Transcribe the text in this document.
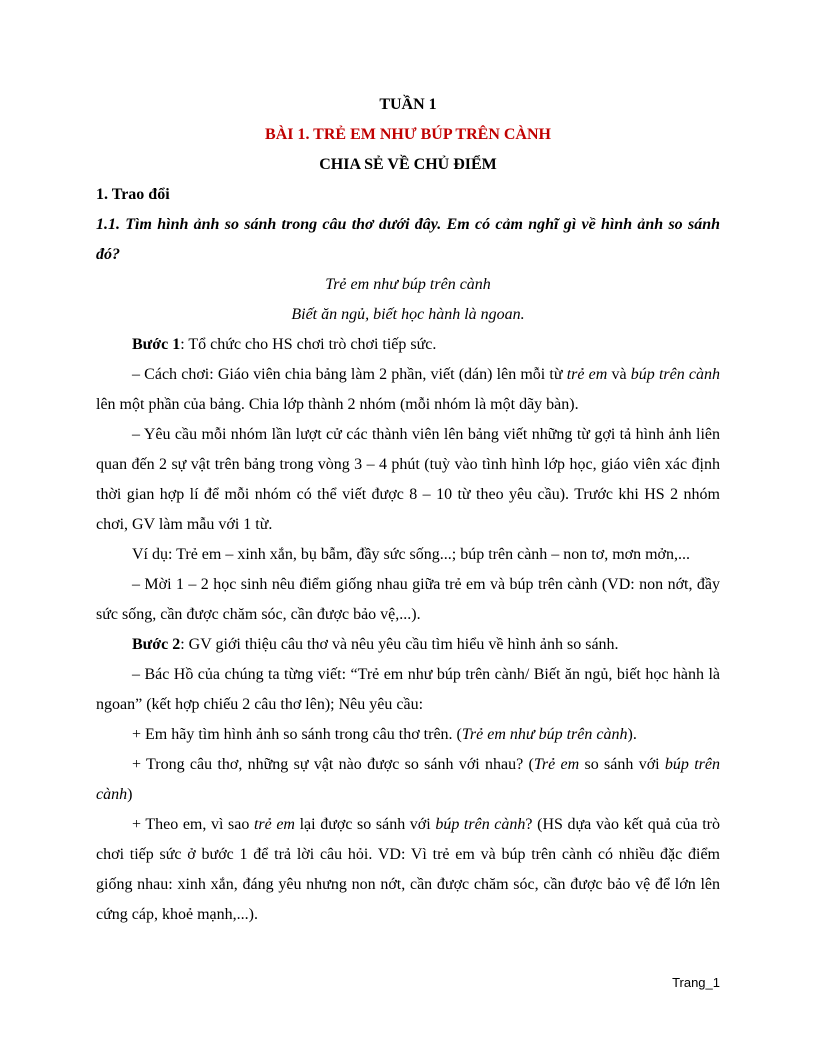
TUẦN 1
BÀI 1. TRẺ EM NHƯ BÚP TRÊN CÀNH
CHIA SẺ VỀ CHỦ ĐIỂM

1. Trao đổi

1.1. Tìm hình ảnh so sánh trong câu thơ dưới đây. Em có cảm nghĩ gì về hình ảnh so sánh đó?

Trẻ em như búp trên cành
Biết ăn ngủ, biết học hành là ngoan.

Bước 1: Tổ chức cho HS chơi trò chơi tiếp sức.

– Cách chơi: Giáo viên chia bảng làm 2 phần, viết (dán) lên mỗi từ trẻ em và búp trên cành lên một phần của bảng. Chia lớp thành 2 nhóm (mỗi nhóm là một dãy bàn).

– Yêu cầu mỗi nhóm lần lượt cử các thành viên lên bảng viết những từ gợi tả hình ảnh liên quan đến 2 sự vật trên bảng trong vòng 3 – 4 phút (tuỳ vào tình hình lớp học, giáo viên xác định thời gian hợp lí để mỗi nhóm có thể viết được 8 – 10 từ theo yêu cầu). Trước khi HS 2 nhóm chơi, GV làm mẫu với 1 từ.

Ví dụ: Trẻ em – xinh xắn, bụ bẫm, đầy sức sống...; búp trên cành – non tơ, mơn mởn,...

– Mời 1 – 2 học sinh nêu điểm giống nhau giữa trẻ em và búp trên cành (VD: non nớt, đầy sức sống, cần được chăm sóc, cần được bảo vệ,...).

Bước 2: GV giới thiệu câu thơ và nêu yêu cầu tìm hiểu về hình ảnh so sánh.

– Bác Hồ của chúng ta từng viết: “Trẻ em như búp trên cành/ Biết ăn ngủ, biết học hành là ngoan” (kết hợp chiếu 2 câu thơ lên); Nêu yêu cầu:

+ Em hãy tìm hình ảnh so sánh trong câu thơ trên. (Trẻ em như búp trên cành).

+ Trong câu thơ, những sự vật nào được so sánh với nhau? (Trẻ em so sánh với búp trên cành)

+ Theo em, vì sao trẻ em lại được so sánh với búp trên cành? (HS dựa vào kết quả của trò chơi tiếp sức ở bước 1 để trả lời câu hỏi. VD: Vì trẻ em và búp trên cành có nhiều đặc điểm giống nhau: xinh xắn, đáng yêu nhưng non nớt, cần được chăm sóc, cần được bảo vệ để lớn lên cứng cáp, khoẻ mạnh,...).

Trang_1
